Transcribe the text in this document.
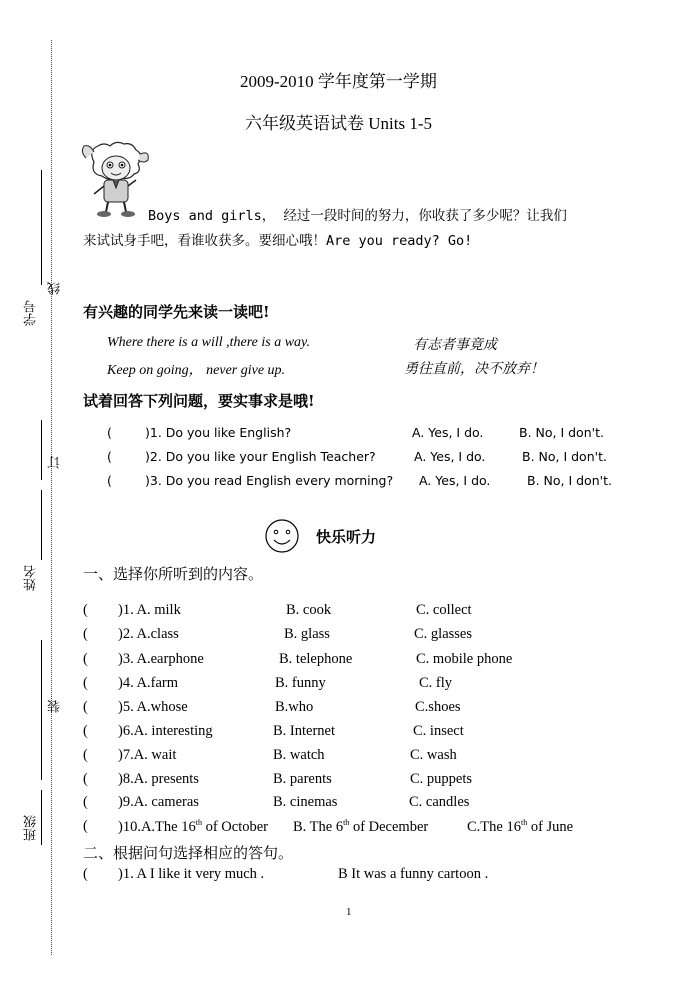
学号
线
订
姓名
装
班级
2009-2010 学年度第一学期
六年级英语试卷 Units 1-5
Boys and girls， 经过一段时间的努力，你收获了多少呢？让我们
来试试身手吧，看谁收获多。要细心哦！Are you ready? Go!
有兴趣的同学先来读一读吧!
Where there is a will ,there is a way.	有志者事竟成
Keep on going， never give up.	勇往直前，决不放弃！
试着回答下列问题，要实事求是哦!
(	)1. Do you like English?	A. Yes, I do.	B. No, I don't.
(	)2. Do you like your English Teacher?	A. Yes, I do.	B. No, I don't.
(	)3. Do you read English every morning? A. Yes, I do.	B. No, I don't.
快乐听力
一、选择你所听到的内容。
( )1. A. milk	B. cook	C. collect
( )2. A.class	B. glass	C. glasses
( )3. A.earphone	B. telephone	C. mobile phone
( )4. A.farm	B. funny	C. fly
( )5. A.whose	B.who	C.shoes
( )6.A. interesting	B. Internet	C. insect
( )7.A. wait	B. watch	C. wash
( )8.A. presents	B. parents	C. puppets
( )9.A. cameras	B. cinemas	C. candles
( )10.A.The 16th of October B. The 6th of December	C.The 16th of June
二、根据问句选择相应的答句。
( )1. A I like it very much .	B It was a funny cartoon .
1
